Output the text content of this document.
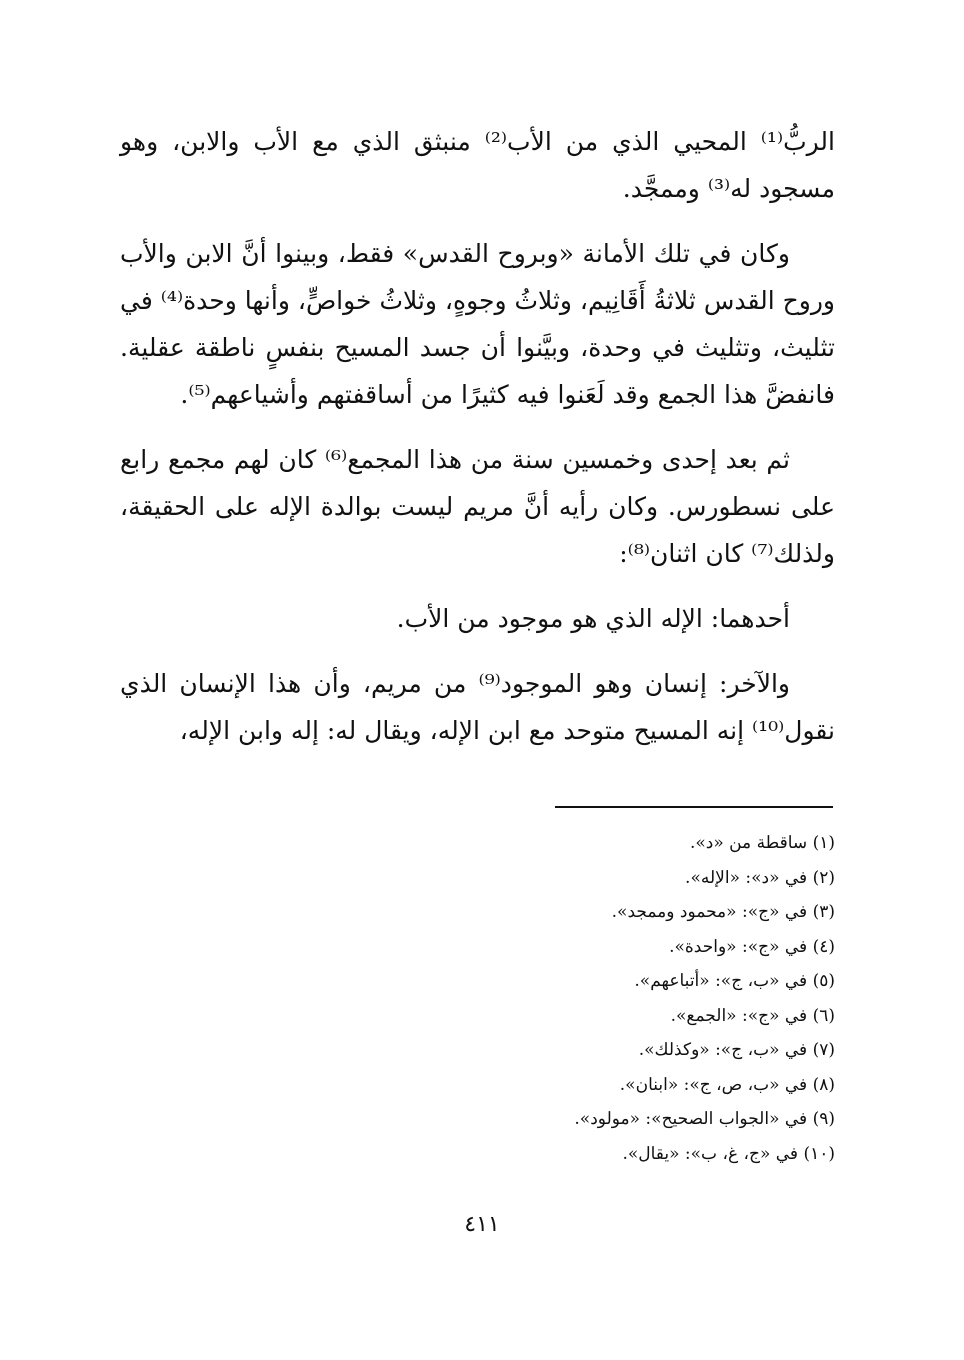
الربُّ⁽¹⁾ المحيي الذي من الأب⁽²⁾ منبثق الذي مع الأب والابن، وهو مسجود له⁽³⁾ وممجَّد.

وكان في تلك الأمانة «وبروح القدس» فقط، وبينوا أنَّ الابن والأب وروح القدس ثلاثةُ أَقَانِيم، وثلاثُ وجوهٍ، وثلاثُ خواصٍّ، وأنها وحدة⁽⁴⁾ في تثليث، وتثليث في وحدة، وبيَّنوا أن جسد المسيح بنفسٍ ناطقة عقلية. فانفضَّ هذا الجمع وقد لَعَنوا فيه كثيرًا من أساقفتهم وأشياعهم⁽⁵⁾.

ثم بعد إحدى وخمسين سنة من هذا المجمع⁽⁶⁾ كان لهم مجمع رابع على نسطورس. وكان رأيه أنَّ مريم ليست بوالدة الإله على الحقيقة، ولذلك⁽⁷⁾ كان اثنان⁽⁸⁾:

أحدهما: الإله الذي هو موجود من الأب.

والآخر: إنسان وهو الموجود⁽⁹⁾ من مريم، وأن هذا الإنسان الذي نقول⁽¹⁰⁾ إنه المسيح متوحد مع ابن الإله، ويقال له: إله وابن الإله،

(١) ساقطة من «د».

(٢) في «د»: «الإله».

(٣) في «ج»: «محمود وممجد».

(٤) في «ج»: «واحدة».

(٥) في «ب، ج»: «أتباعهم».

(٦) في «ج»: «الجمع».

(٧) في «ب، ج»: «وكذلك».

(٨) في «ب، ص، ج»: «ابنان».

(٩) في «الجواب الصحيح»: «مولود».

(١٠) في «ج، غ، ب»: «يقال».

٤١١
